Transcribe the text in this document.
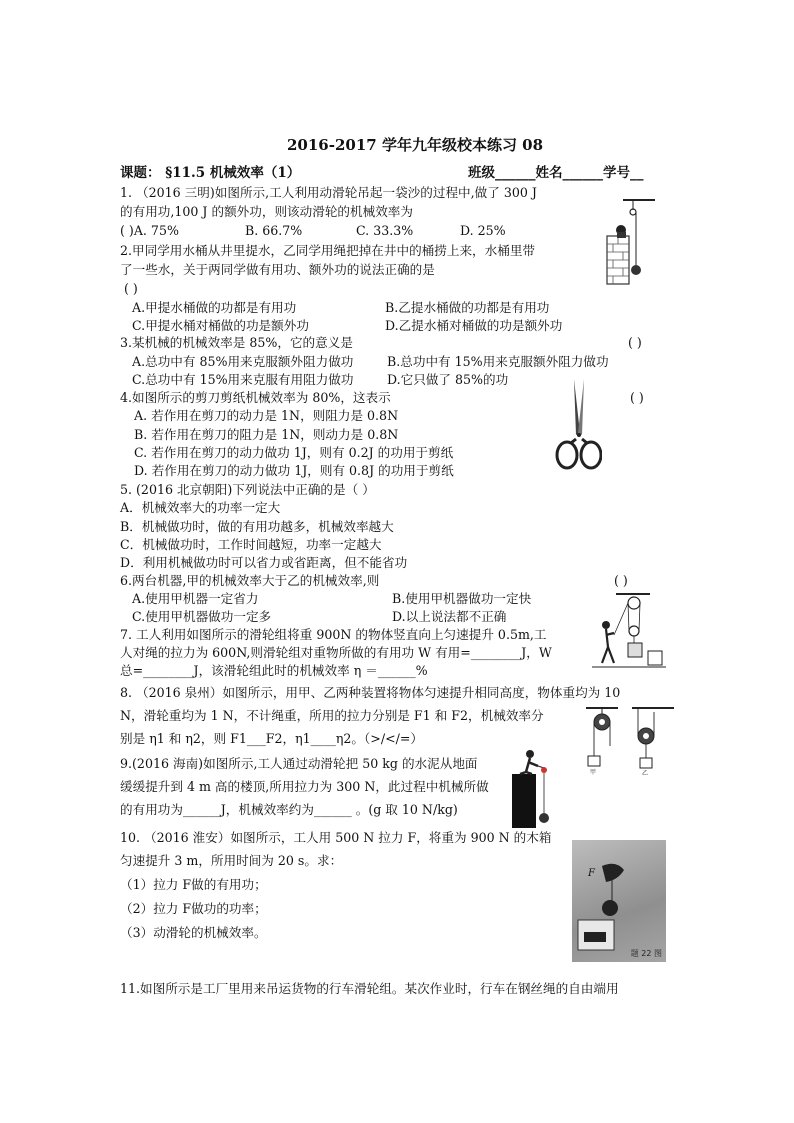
2016-2017 学年九年级校本练习 08
课题： §11.5 机械效率（1）	班级______姓名______学号__
1. （2016 三明)如图所示,工人利用动滑轮吊起一袋沙的过程中,做了 300 J
的有用功,100 J 的额外功，则该动滑轮的机械效率为
( )A. 75%	B. 66.7%	C. 33.3%	D. 25%
2.甲同学用水桶从井里提水，乙同学用绳把掉在井中的桶捞上来，水桶里带
了一些水，关于两同学做有用功、额外功的说法正确的是
( )
A.甲提水桶做的功都是有用功	B.乙提水桶做的功都是有用功
C.甲提水桶对桶做的功是额外功	D.乙提水桶对桶做的功是额外功
3.某机械的机械效率是 85%，它的意义是	( )
A.总功中有 85%用来克服额外阻力做功	B.总功中有 15%用来克服额外阻力做功
C.总功中有 15%用来克服有用阻力做功	D.它只做了 85%的功
4.如图所示的剪刀剪纸机械效率为 80%，这表示	( )
A. 若作用在剪刀的动力是 1N，则阻力是 0.8N
B. 若作用在剪刀的阻力是 1N，则动力是 0.8N
C. 若作用在剪刀的动力做功 1J，则有 0.2J 的功用于剪纸
D. 若作用在剪刀的动力做功 1J，则有 0.8J 的功用于剪纸
5. (2016 北京朝阳)下列说法中正确的是（ ）
A．机械效率大的功率一定大
B．机械做功时，做的有用功越多，机械效率越大
C．机械做功时，工作时间越短，功率一定越大
D．利用机械做功时可以省力或省距离，但不能省功
6.两台机器,甲的机械效率大于乙的机械效率,则	( )
A.使用甲机器一定省力	B.使用甲机器做功一定快
C.使用甲机器做功一定多	D.以上说法都不正确
7. 工人利用如图所示的滑轮组将重 900N 的物体竖直向上匀速提升 0.5m,工
人对绳的拉力为 600N,则滑轮组对重物所做的有用功 W 有用=________J，W
总=________J，该滑轮组此时的机械效率 η ＝______%
8. （2016 泉州）如图所示，用甲、乙两种装置将物体匀速提升相同高度，物体重均为 10
N，滑轮重均为 1 N，不计绳重，所用的拉力分别是 F1 和 F2，机械效率分
别是 η1 和 η2，则 F1___F2，η1____η2。（>/</=）
甲	乙
9.(2016 海南)如图所示,工人通过动滑轮把 50 kg 的水泥从地面
缓缓提升到 4 m 高的楼顶,所用拉力为 300 N，此过程中机械所做
的有用功为______J，机械效率约为______ 。(g 取 10 N/kg)
10. （2016 淮安）如图所示，工人用 500 N 拉力 F，将重为 900 N 的木箱
匀速提升 3 m，所用时间为 20 s。求：
（1）拉力 F做的有用功；
（2）拉力 F做功的功率；
（3）动滑轮的机械效率。
F
题 22 图
11.如图所示是工厂里用来吊运货物的行车滑轮组。某次作业时，行车在钢丝绳的自由端用
